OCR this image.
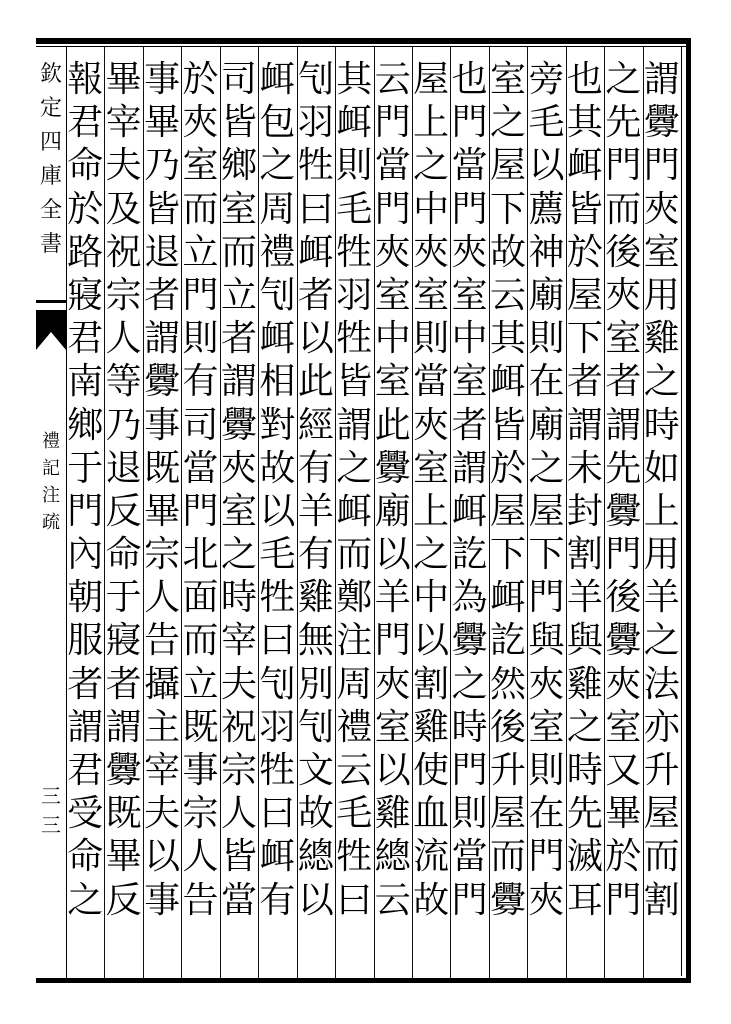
欽
定
四
庫
全
書
禮
記
注
疏
三三
謂
釁
門
夾
室
用
雞
之
時
如
上
用
羊
之
法
亦
升
屋
而
割
之
先
門
而
後
夾
室
者
謂
先
釁
門
後
釁
夾
室
又
畢
於
門
也
其
衈
皆
於
屋
下
者
謂
未
封
割
羊
與
雞
之
時
先
滅
耳
旁
毛
以
薦
神
廟
則
在
廟
之
屋
下
門
與
夾
室
則
在
門
夾
室
之
屋
下
故
云
其
衈
皆
於
屋
下
衈
訖
然
後
升
屋
而
釁
也
門
當
門
夾
室
中
室
者
謂
衈
訖
為
釁
之
時
門
則
當
門
屋
上
之
中
夾
室
則
當
夾
室
上
之
中
以
割
雞
使
血
流
故
云
門
當
門
夾
室
中
室
此
釁
廟
以
羊
門
夾
室
以
雞
總
云
其
衈
則
毛
牲
羽
牲
皆
謂
之
衈
而
鄭
注
周
禮
云
毛
牲
曰
刏
羽
牲
曰
衈
者
以
此
經
有
羊
有
雞
無
別
刏
文
故
總
以
衈
包
之
周
禮
刏
衈
相
對
故
以
毛
牲
曰
刏
羽
牲
曰
衈
有
司
皆
鄉
室
而
立
者
謂
釁
夾
室
之
時
宰
夫
祝
宗
人
皆
當
於
夾
室
而
立
門
則
有
司
當
門
北
面
而
立
既
事
宗
人
告
事
畢
乃
皆
退
者
謂
釁
事
既
畢
宗
人
告
攝
主
宰
夫
以
事
畢
宰
夫
及
祝
宗
人
等
乃
退
反
命
于
寢
者
謂
釁
既
畢
反
報
君
命
於
路
寢
君
南
鄉
于
門
內
朝
服
者
謂
君
受
命
之
